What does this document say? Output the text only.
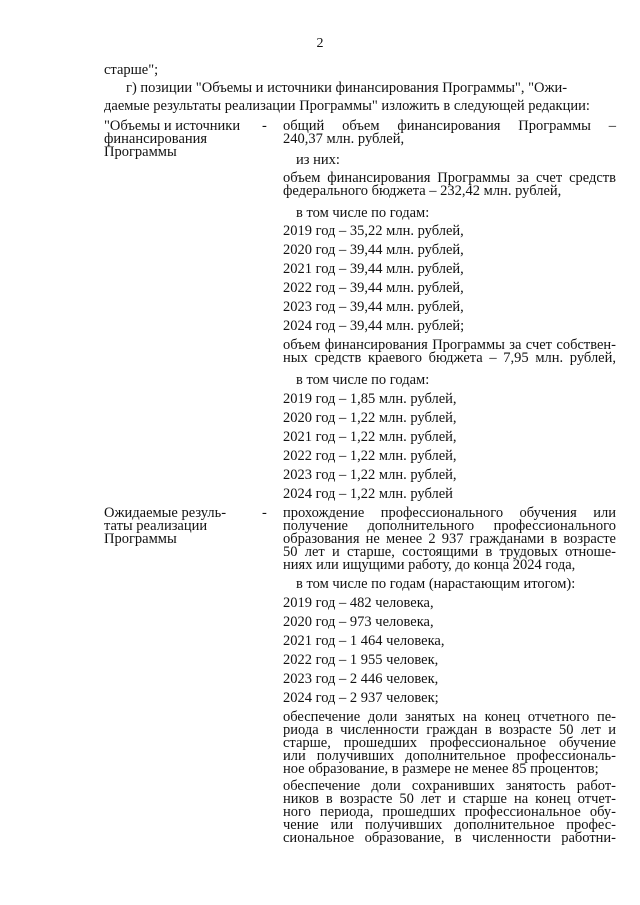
2
старше";
г) позиции "Объемы и источники финансирования Программы", "Ожи-
даемые результаты реализации Программы" изложить в следующей редакции:
"Объемы и источники
финансирования
Программы
- общий объем финансирования Программы –
240,37 млн. рублей,
из них:
объем финансирования Программы за счет средств
федерального бюджета – 232,42 млн. рублей,
в том числе по годам:
2019 год – 35,22 млн. рублей,
2020 год – 39,44 млн. рублей,
2021 год – 39,44 млн. рублей,
2022 год – 39,44 млн. рублей,
2023 год – 39,44 млн. рублей,
2024 год – 39,44 млн. рублей;
объем финансирования Программы за счет собствен-
ных средств краевого бюджета – 7,95 млн. рублей,
в том числе по годам:
2019 год – 1,85 млн. рублей,
2020 год – 1,22 млн. рублей,
2021 год – 1,22 млн. рублей,
2022 год – 1,22 млн. рублей,
2023 год – 1,22 млн. рублей,
2024 год – 1,22 млн. рублей
Ожидаемые резуль-
таты реализации
Программы
- прохождение профессионального обучения или
получение дополнительного профессионального
образования не менее 2 937 гражданами в возрасте
50 лет и старше, состоящими в трудовых отноше-
ниях или ищущими работу, до конца 2024 года,
в том числе по годам (нарастающим итогом):
2019 год – 482 человека,
2020 год – 973 человека,
2021 год – 1 464 человека,
2022 год – 1 955 человек,
2023 год – 2 446 человек,
2024 год – 2 937 человек;
обеспечение доли занятых на конец отчетного пе-
риода в численности граждан в возрасте 50 лет и
старше, прошедших профессиональное обучение
или получивших дополнительное профессиональ-
ное образование, в размере не менее 85 процентов;
обеспечение доли сохранивших занятость работ-
ников в возрасте 50 лет и старше на конец отчет-
ного периода, прошедших профессиональное обу-
чение или получивших дополнительное профес-
сиональное образование, в численности работни-
